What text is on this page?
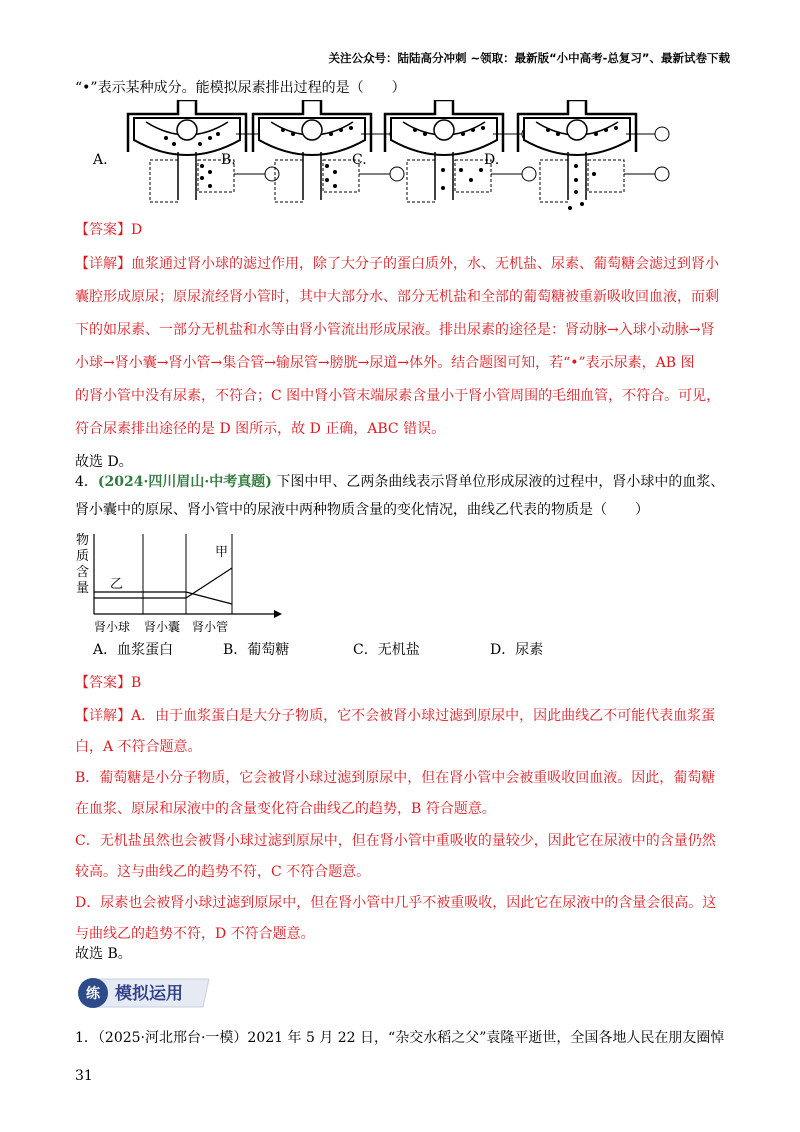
关注公众号：陆陆高分冲刺 ~领取：最新版“小中高考-总复习”、最新试卷下载
“•”表示某种成分。能模拟尿素排出过程的是（　　）
A.	B.	C.	D.
【答案】D
【详解】血浆通过肾小球的滤过作用，除了大分子的蛋白质外，水、无机盐、尿素、葡萄糖会滤过到肾小
囊腔形成原尿；原尿流经肾小管时，其中大部分水、部分无机盐和全部的葡萄糖被重新吸收回血液，而剩
下的如尿素、一部分无机盐和水等由肾小管流出形成尿液。排出尿素的途径是：肾动脉→入球小动脉→肾
小球→肾小囊→肾小管→集合管→输尿管→膀胱→尿道→体外。结合题图可知，若“•”表示尿素，AB 图
的肾小管中没有尿素，不符合；C 图中肾小管末端尿素含量小于肾小管周围的毛细血管，不符合。可见，
符合尿素排出途径的是 D 图所示，故 D 正确，ABC 错误。
故选 D。
4．(2024·四川眉山·中考真题) 下图中甲、乙两条曲线表示肾单位形成尿液的过程中，肾小球中的血浆、
肾小囊中的原尿、肾小管中的尿液中两种物质含量的变化情况，曲线乙代表的物质是（　　）
物
质
含
量
甲
乙
肾小球 肾小囊 肾小管
A．血浆蛋白	B．葡萄糖	C．无机盐	D．尿素
【答案】B
【详解】A．由于血浆蛋白是大分子物质，它不会被肾小球过滤到原尿中，因此曲线乙不可能代表血浆蛋
白，A 不符合题意。
B．葡萄糖是小分子物质，它会被肾小球过滤到原尿中，但在肾小管中会被重吸收回血液。因此，葡萄糖
在血浆、原尿和尿液中的含量变化符合曲线乙的趋势，B 符合题意。
C．无机盐虽然也会被肾小球过滤到原尿中，但在肾小管中重吸收的量较少，因此它在尿液中的含量仍然
较高。这与曲线乙的趋势不符，C 不符合题意。
D．尿素也会被肾小球过滤到原尿中，但在肾小管中几乎不被重吸收，因此它在尿液中的含量会很高。这
与曲线乙的趋势不符，D 不符合题意。
故选 B。
练 模拟运用
1．（2025·河北邢台·一模）2021 年 5 月 22 日，“杂交水稻之父”袁隆平逝世，全国各地人民在朋友圈悼
31
